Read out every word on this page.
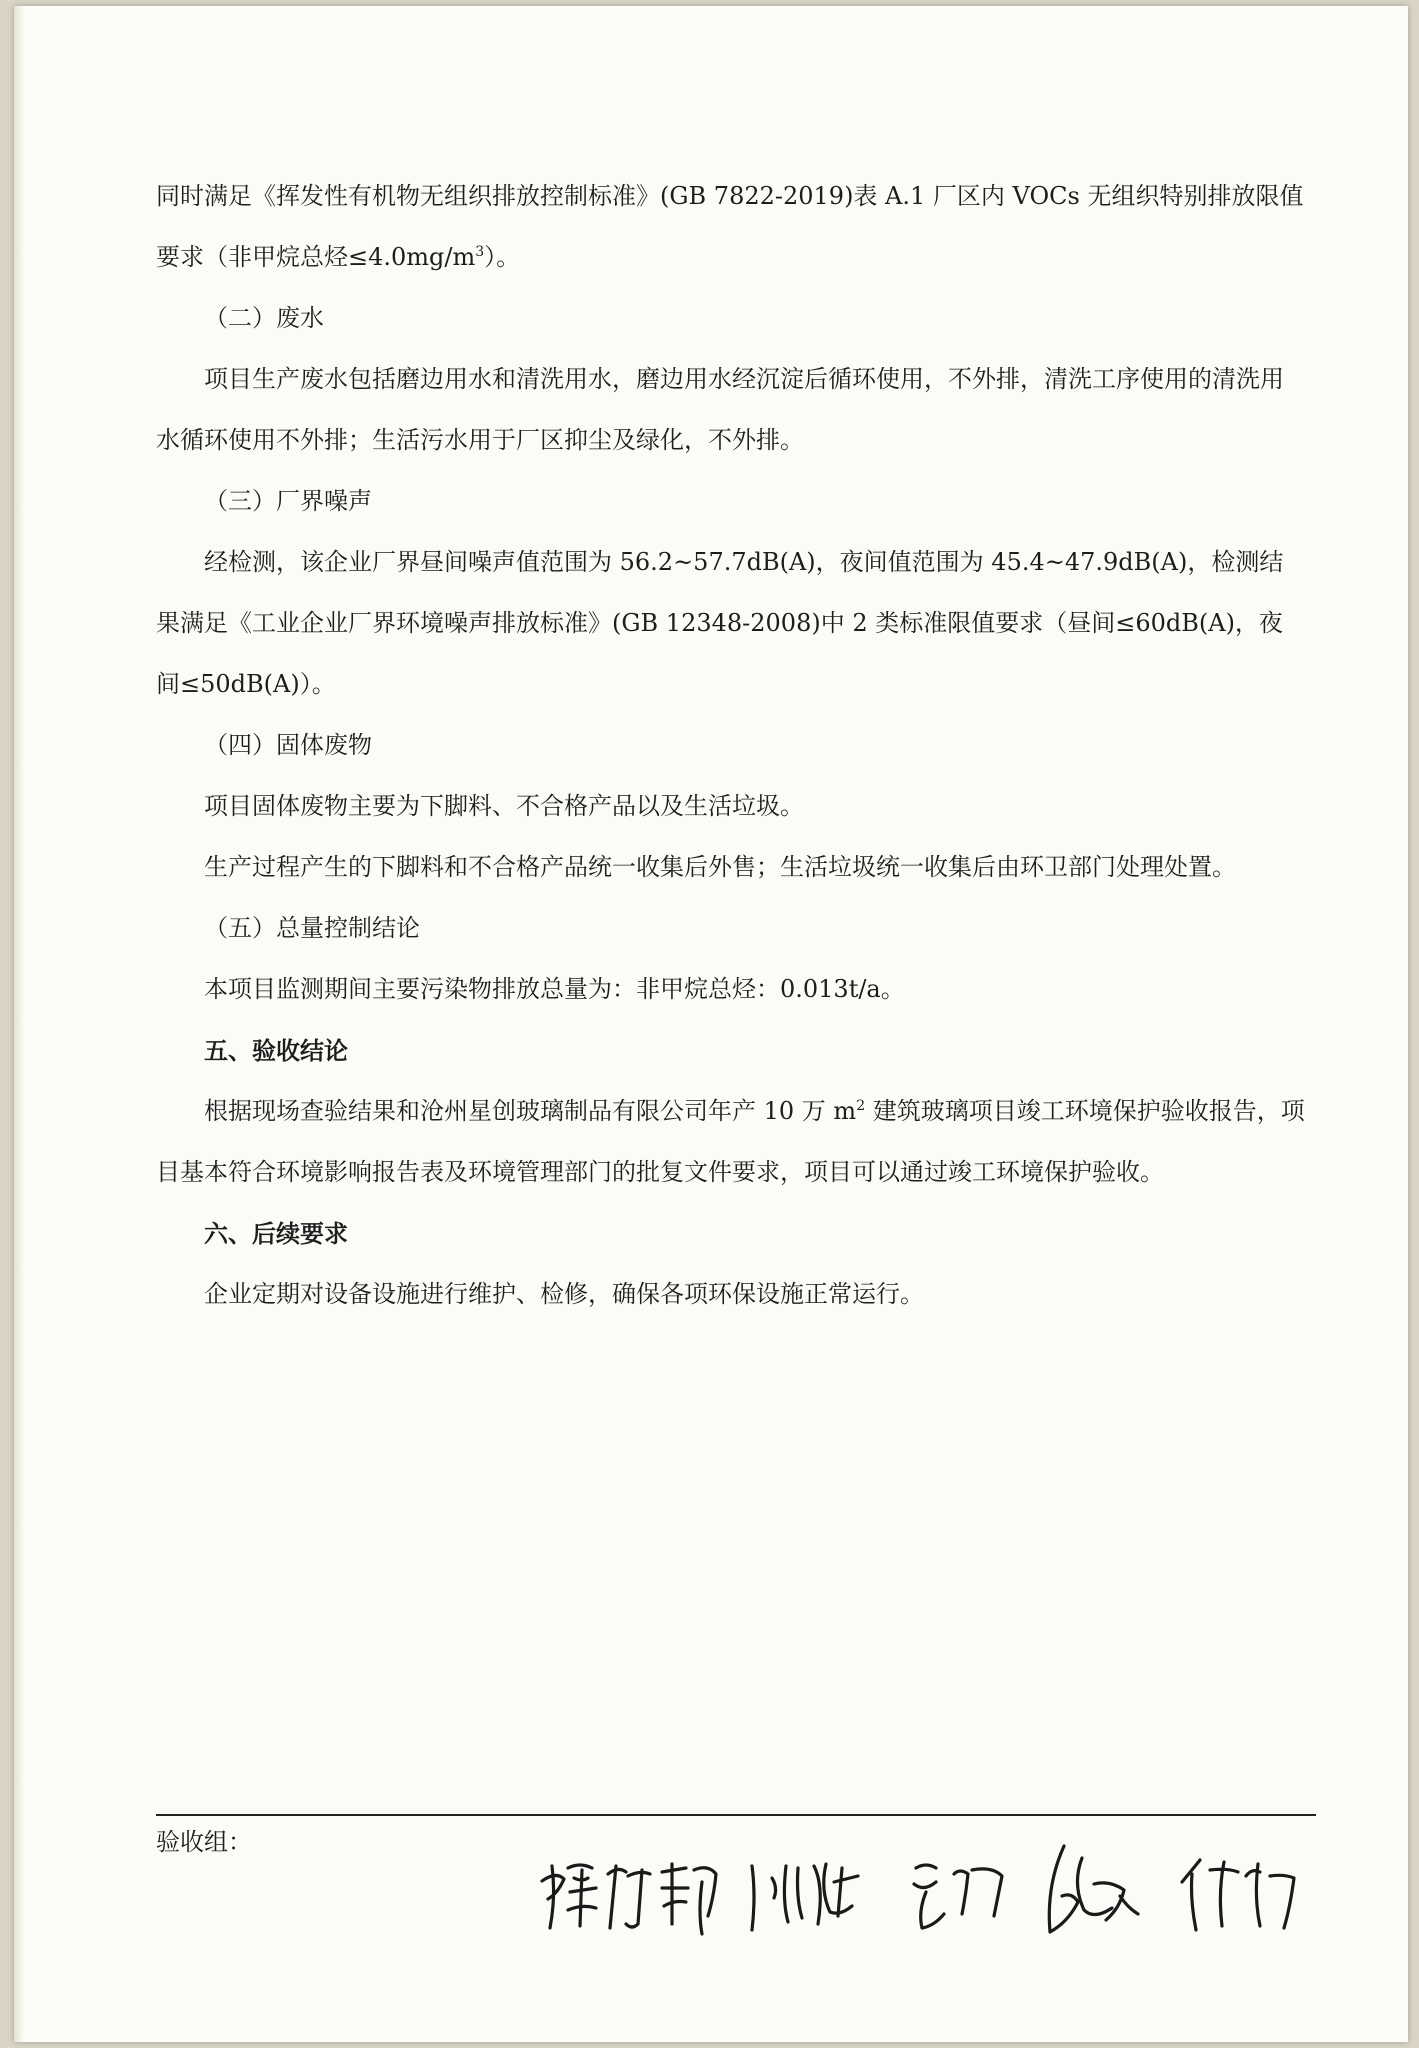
同时满足《挥发性有机物无组织排放控制标准》(GB 7822-2019)表 A.1 厂区内 VOCs 无组织特别排放限值要求（非甲烷总烃$\le 4.0mg/m^3$）。

（二）废水

项目生产废水包括磨边用水和清洗用水，磨边用水经沉淀后循环使用，不外排，清洗工序使用的清洗用水循环使用不外排；生活污水用于厂区抑尘及绿化，不外排。

（三）厂界噪声

经检测，该企业厂界昼间噪声值范围为 56.2~57.7dB(A)，夜间值范围为 45.4~47.9dB(A)，检测结果满足《工业企业厂界环境噪声排放标准》(GB 12348-2008)中 2 类标准限值要求（昼间≤60dB(A)，夜间≤50dB(A)）。

（四）固体废物

项目固体废物主要为下脚料、不合格产品以及生活垃圾。

生产过程产生的下脚料和不合格产品统一收集后外售；生活垃圾统一收集后由环卫部门处理处置。

（五）总量控制结论

本项目监测期间主要污染物排放总量为：非甲烷总烃：0.013t/a。

五、验收结论

根据现场查验结果和沧州星创玻璃制品有限公司年产 10 万 $m^2$ 建筑玻璃项目竣工环境保护验收报告，项目基本符合环境影响报告表及环境管理部门的批复文件要求，项目可以通过竣工环境保护验收。

六、后续要求

企业定期对设备设施进行维护、检修，确保各项环保设施正常运行。

验收组：
